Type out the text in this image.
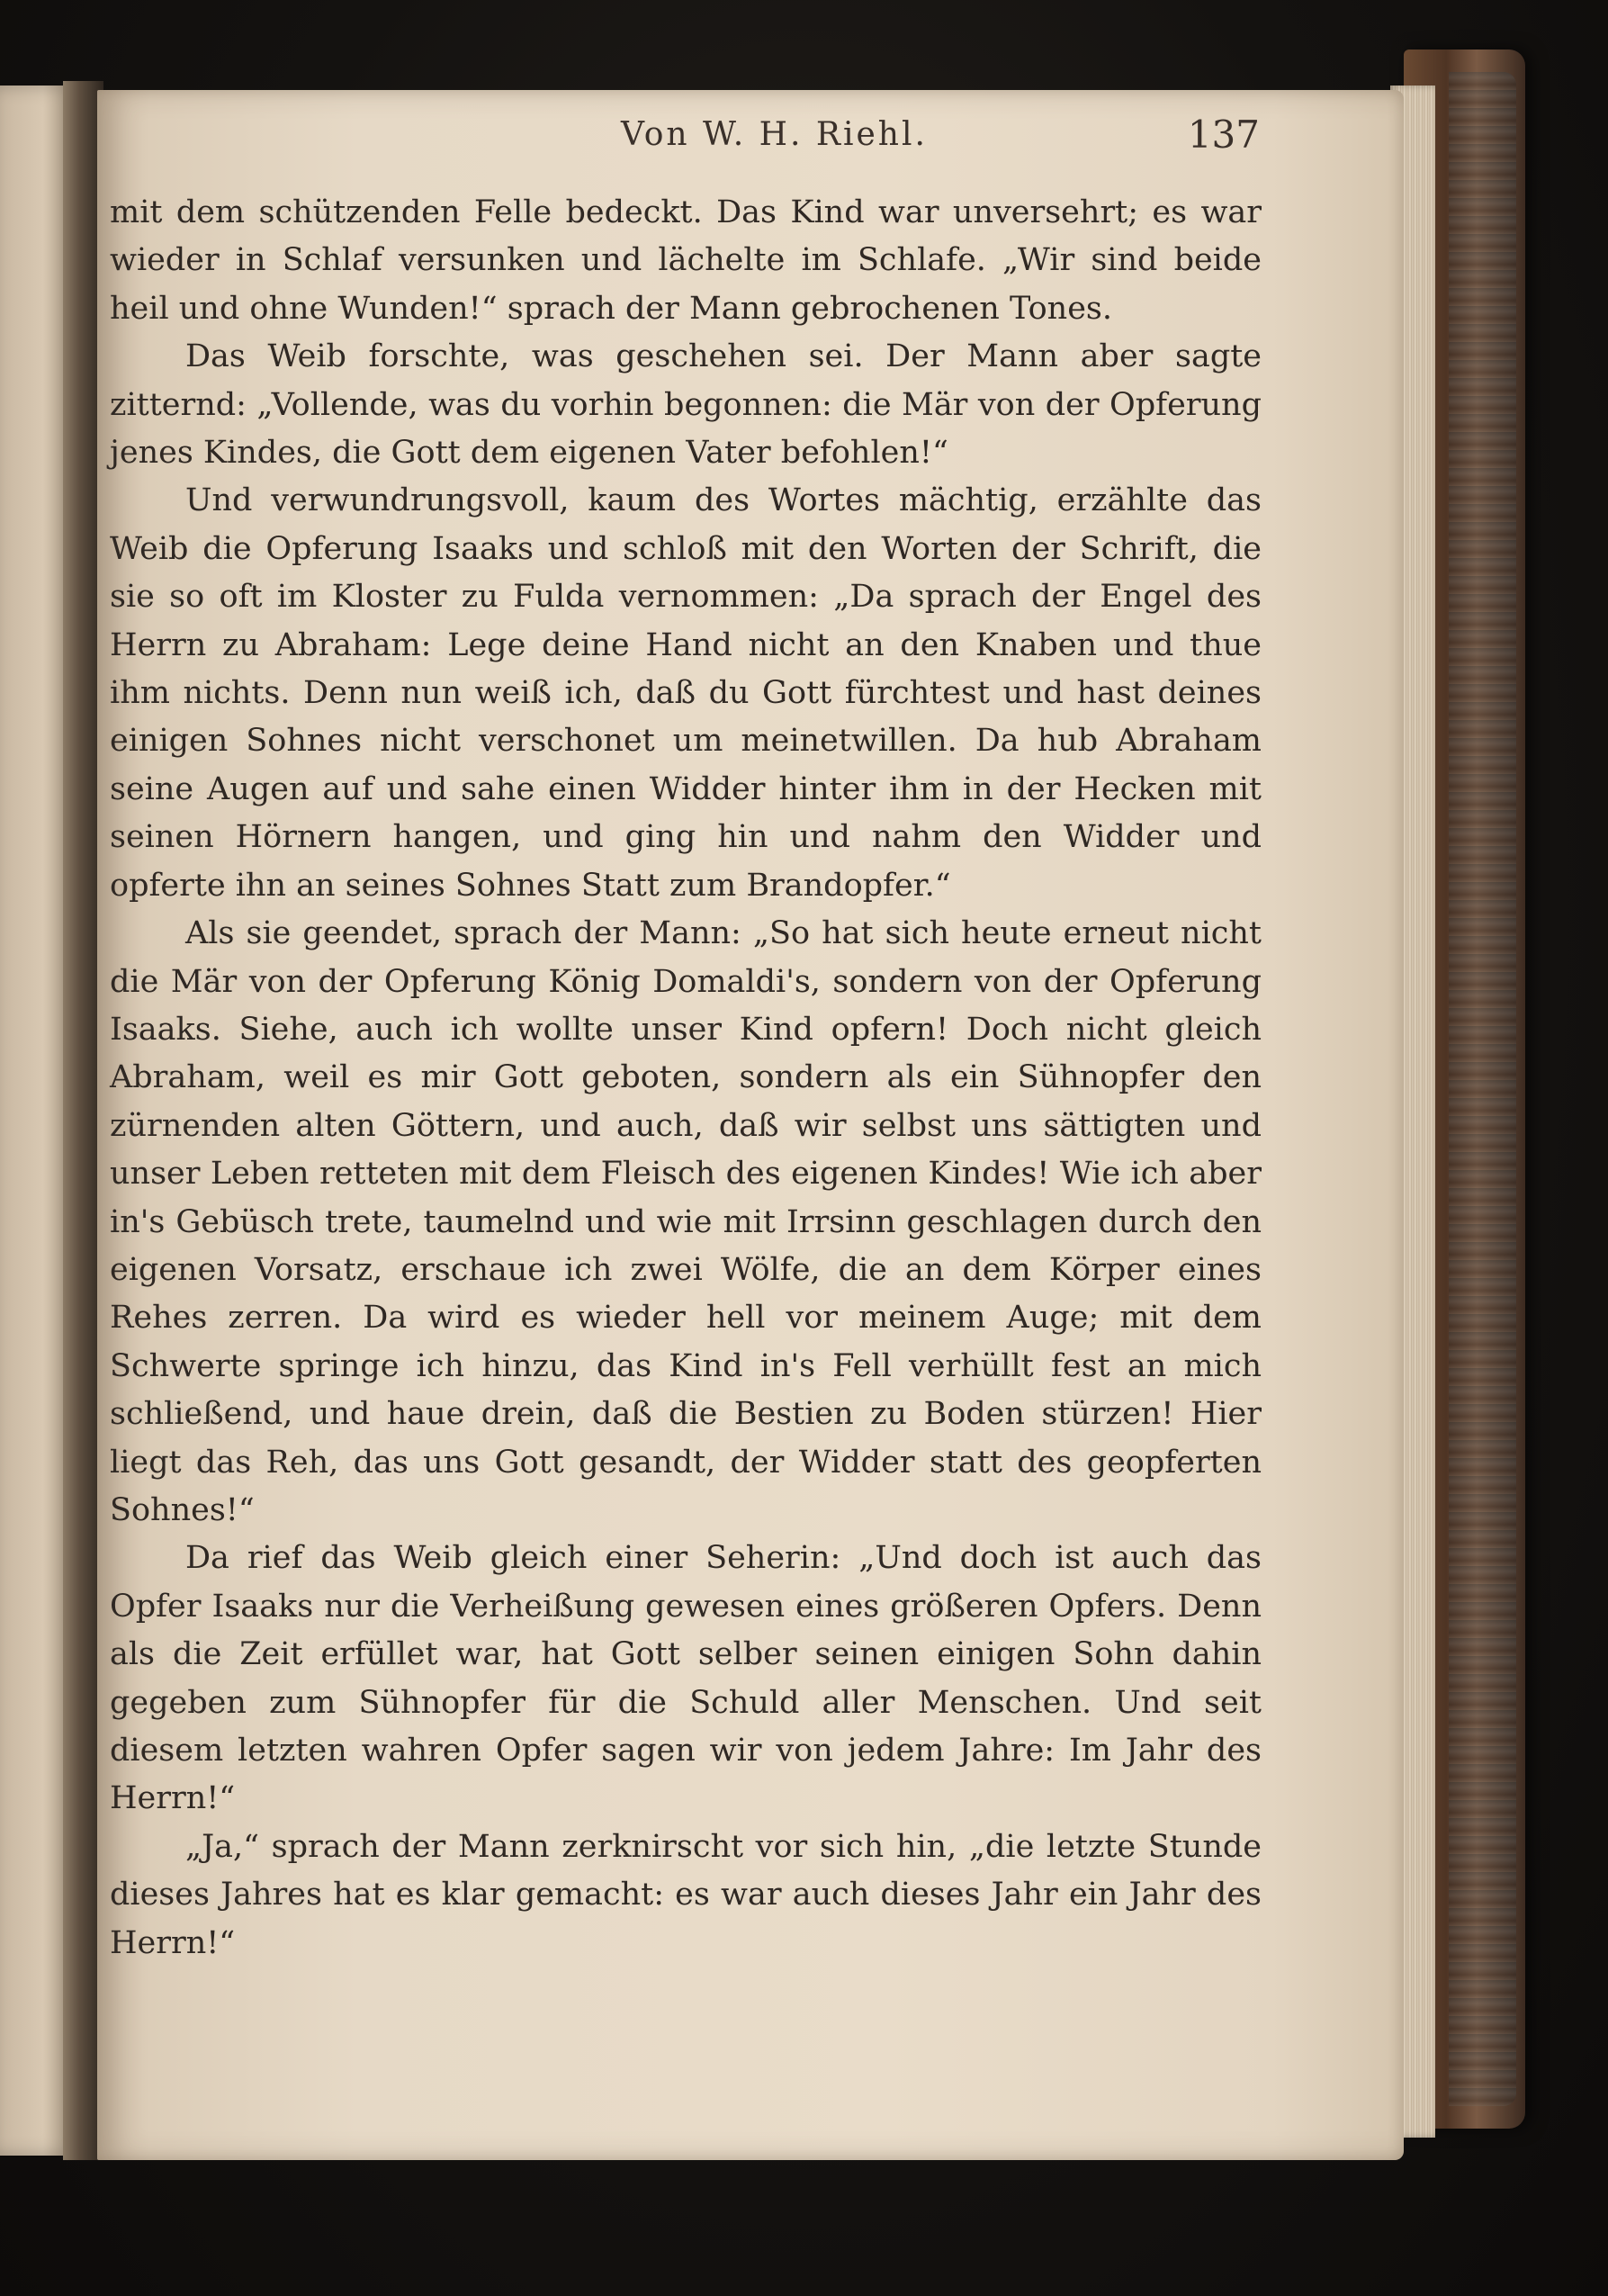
Von W. H. Riehl.	137

mit dem schützenden Felle bedeckt. Das Kind war unversehrt; es war wieder in Schlaf versunken und lächelte im Schlafe. „Wir sind beide heil und ohne Wunden!“ sprach der Mann gebrochenen Tones.

Das Weib forschte, was geschehen sei. Der Mann aber sagte zitternd: „Vollende, was du vorhin begonnen: die Mär von der Opferung jenes Kindes, die Gott dem eigenen Vater befohlen!“

Und verwundrungsvoll, kaum des Wortes mächtig, erzählte das Weib die Opferung Isaaks und schloß mit den Worten der Schrift, die sie so oft im Kloster zu Fulda vernommen: „Da sprach der Engel des Herrn zu Abraham: Lege deine Hand nicht an den Knaben und thue ihm nichts. Denn nun weiß ich, daß du Gott fürchtest und hast deines einigen Sohnes nicht verschonet um meinetwillen. Da hub Abraham seine Augen auf und sahe einen Widder hinter ihm in der Hecken mit seinen Hörnern hangen, und ging hin und nahm den Widder und opferte ihn an seines Sohnes Statt zum Brandopfer.“

Als sie geendet, sprach der Mann: „So hat sich heute erneut nicht die Mär von der Opferung König Domaldi's, sondern von der Opferung Isaaks. Siehe, auch ich wollte unser Kind opfern! Doch nicht gleich Abraham, weil es mir Gott geboten, sondern als ein Sühnopfer den zürnenden alten Göttern, und auch, daß wir selbst uns sättigten und unser Leben retteten mit dem Fleisch des eigenen Kindes! Wie ich aber in's Gebüsch trete, taumelnd und wie mit Irrsinn geschlagen durch den eigenen Vorsatz, erschaue ich zwei Wölfe, die an dem Körper eines Rehes zerren. Da wird es wieder hell vor meinem Auge; mit dem Schwerte springe ich hinzu, das Kind in's Fell verhüllt fest an mich schließend, und haue drein, daß die Bestien zu Boden stürzen! Hier liegt das Reh, das uns Gott gesandt, der Widder statt des geopferten Sohnes!“

Da rief das Weib gleich einer Seherin: „Und doch ist auch das Opfer Isaaks nur die Verheißung gewesen eines größeren Opfers. Denn als die Zeit erfüllet war, hat Gott selber seinen einigen Sohn dahin gegeben zum Sühnopfer für die Schuld aller Menschen. Und seit diesem letzten wahren Opfer sagen wir von jedem Jahre: Im Jahr des Herrn!“

„Ja,“ sprach der Mann zerknirscht vor sich hin, „die letzte Stunde dieses Jahres hat es klar gemacht: es war auch dieses Jahr ein Jahr des Herrn!“
